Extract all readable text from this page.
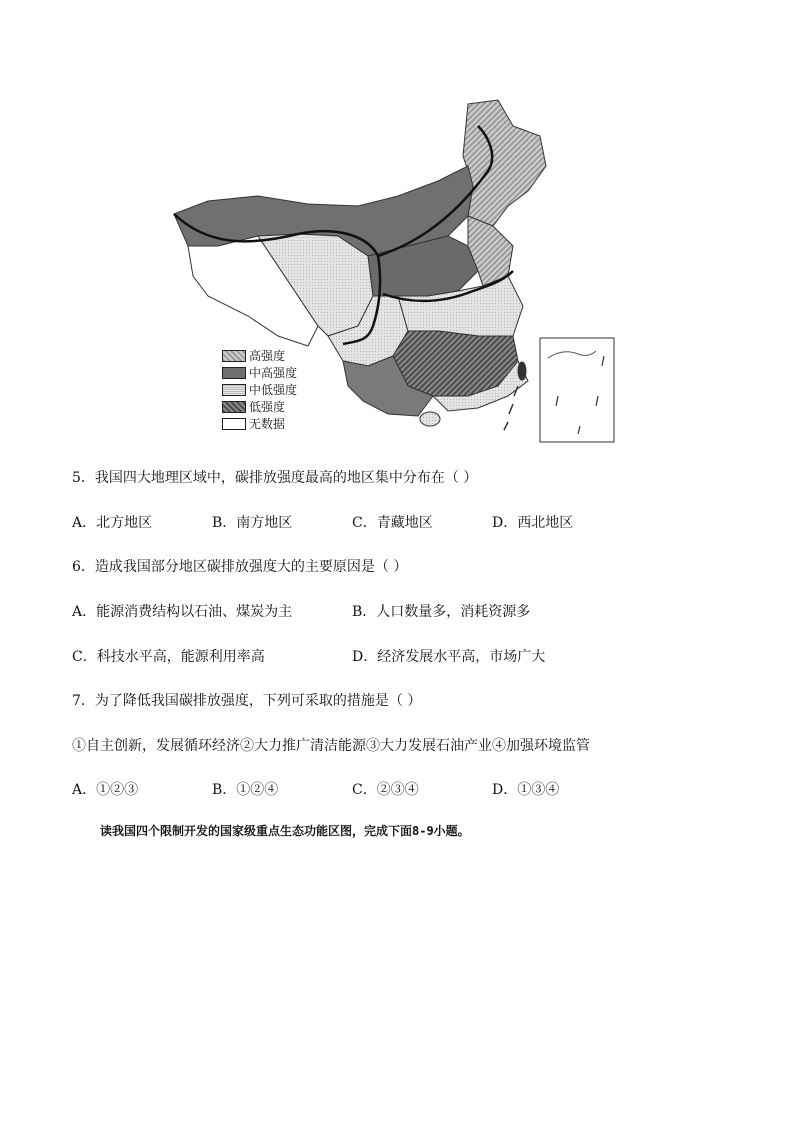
高强度
中高强度
中低强度
低强度
无数据
5．我国四大地理区域中，碳排放强度最高的地区集中分布在（ ）
A．北方地区	B．南方地区	C．青藏地区	D．西北地区
6．造成我国部分地区碳排放强度大的主要原因是（ ）
A．能源消费结构以石油、煤炭为主	B．人口数量多，消耗资源多
C．科技水平高，能源利用率高	D．经济发展水平高，市场广大
7．为了降低我国碳排放强度，下列可采取的措施是（ ）
①自主创新，发展循环经济②大力推广清洁能源③大力发展石油产业④加强环境监管
A．①②③	B．①②④	C．②③④	D．①③④
读我国四个限制开发的国家级重点生态功能区图，完成下面8-9小题。
